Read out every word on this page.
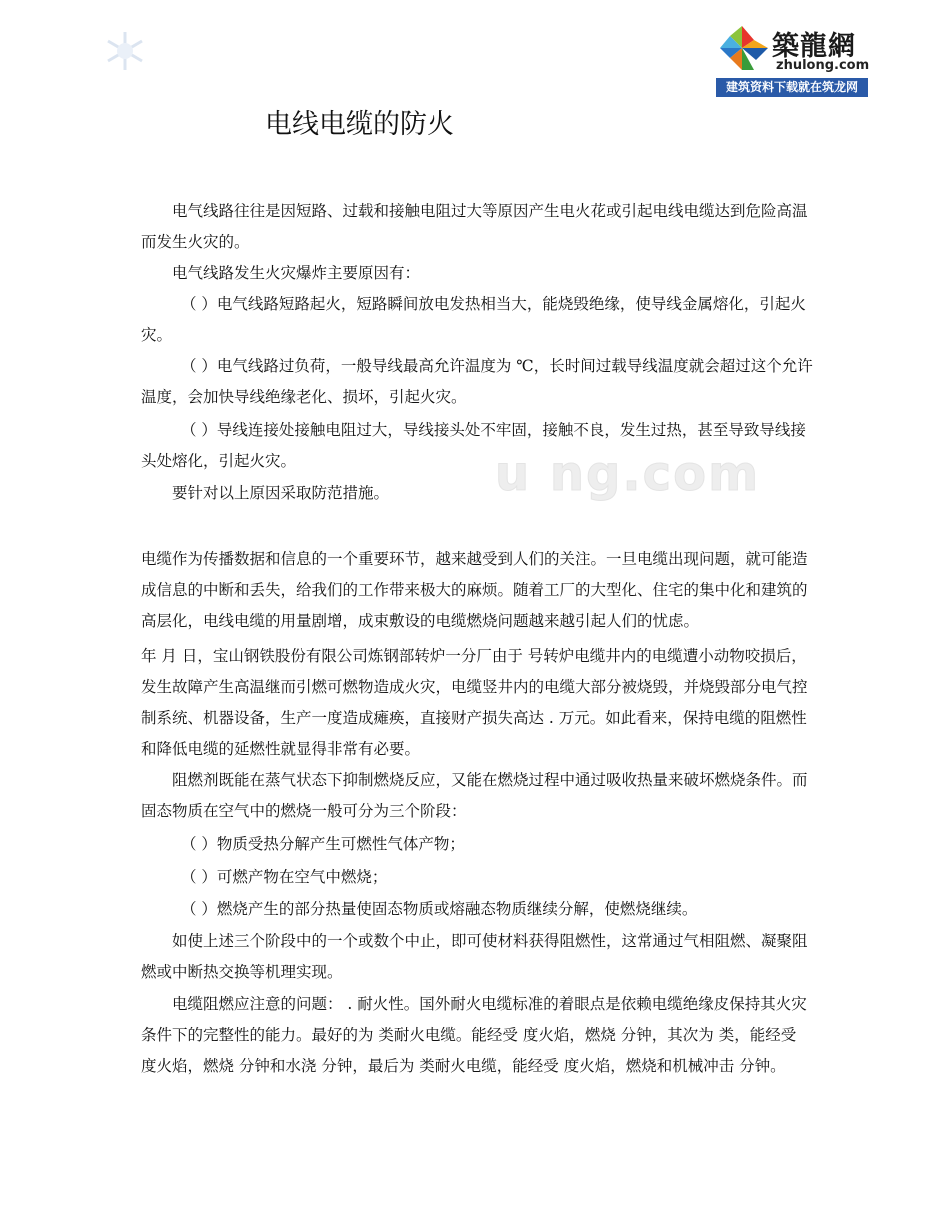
築龍網
zhulong.com
建筑资料下载就在筑龙网
电线电缆的防火
u ng.com

电气线路往往是因短路、过载和接触电阻过大等原因产生电火花或引起电线电缆达到危险高温而发生火灾的。

电气线路发生火灾爆炸主要原因有：

（ ）电气线路短路起火，短路瞬间放电发热相当大，能烧毁绝缘，使导线金属熔化，引起火灾。

（ ）电气线路过负荷，一般导线最高允许温度为 ℃，长时间过载导线温度就会超过这个允许温度，会加快导线绝缘老化、损坏，引起火灾。

（ ）导线连接处接触电阻过大，导线接头处不牢固，接触不良，发生过热，甚至导致导线接头处熔化，引起火灾。

要针对以上原因采取防范措施。

电缆作为传播数据和信息的一个重要环节，越来越受到人们的关注。一旦电缆出现问题，就可能造成信息的中断和丢失，给我们的工作带来极大的麻烦。随着工厂的大型化、住宅的集中化和建筑的高层化，电线电缆的用量剧增，成束敷设的电缆燃烧问题越来越引起人们的忧虑。

年 月 日，宝山钢铁股份有限公司炼钢部转炉一分厂由于 号转炉电缆井内的电缆遭小动物咬损后，发生故障产生高温继而引燃可燃物造成火灾，电缆竖井内的电缆大部分被烧毁，并烧毁部分电气控制系统、机器设备，生产一度造成瘫痪，直接财产损失高达 . 万元。如此看来，保持电缆的阻燃性和降低电缆的延燃性就显得非常有必要。

阻燃剂既能在蒸气状态下抑制燃烧反应，又能在燃烧过程中通过吸收热量来破坏燃烧条件。而固态物质在空气中的燃烧一般可分为三个阶段：

（ ）物质受热分解产生可燃性气体产物；

（ ）可燃产物在空气中燃烧；

（ ）燃烧产生的部分热量使固态物质或熔融态物质继续分解，使燃烧继续。

如使上述三个阶段中的一个或数个中止，即可使材料获得阻燃性，这常通过气相阻燃、凝聚阻燃或中断热交换等机理实现。

电缆阻燃应注意的问题： . 耐火性。国外耐火电缆标准的着眼点是依赖电缆绝缘皮保持其火灾条件下的完整性的能力。最好的为 类耐火电缆。能经受 度火焰，燃烧 分钟，其次为 类，能经受 度火焰，燃烧 分钟和水浇 分钟，最后为 类耐火电缆，能经受 度火焰，燃烧和机械冲击 分钟。
